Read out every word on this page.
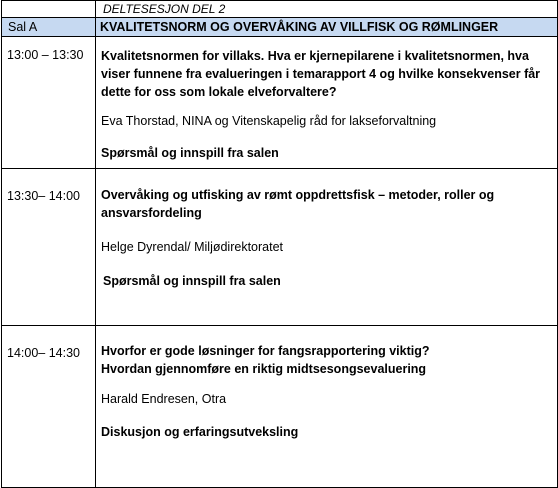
	DELTESESJON DEL 2
Sal A	KVALITETSNORM OG OVERVÅKING AV VILLFISK OG RØMLINGER
13:00 – 13:30	Kvalitetsnormen for villaks. Hva er kjernepilarene i kvalitetsnormen, hva viser funnene fra evalueringen i temarapport 4 og hvilke konsekvenser får dette for oss som lokale elveforvaltere?
Eva Thorstad, NINA og Vitenskapelig råd for lakseforvaltning
Spørsmål og innspill fra salen

13:30– 14:00	Overvåking og utfisking av rømt oppdrettsfisk – metoder, roller og ansvarsfordeling
Helge Dyrendal/ Miljødirektoratet
Spørsmål og innspill fra salen

14:00– 14:30	Hvorfor er gode løsninger for fangsrapportering viktig?
Hvordan gjennomføre en riktig midtsesongsevaluering
Harald Endresen, Otra
Diskusjon og erfaringsutveksling
